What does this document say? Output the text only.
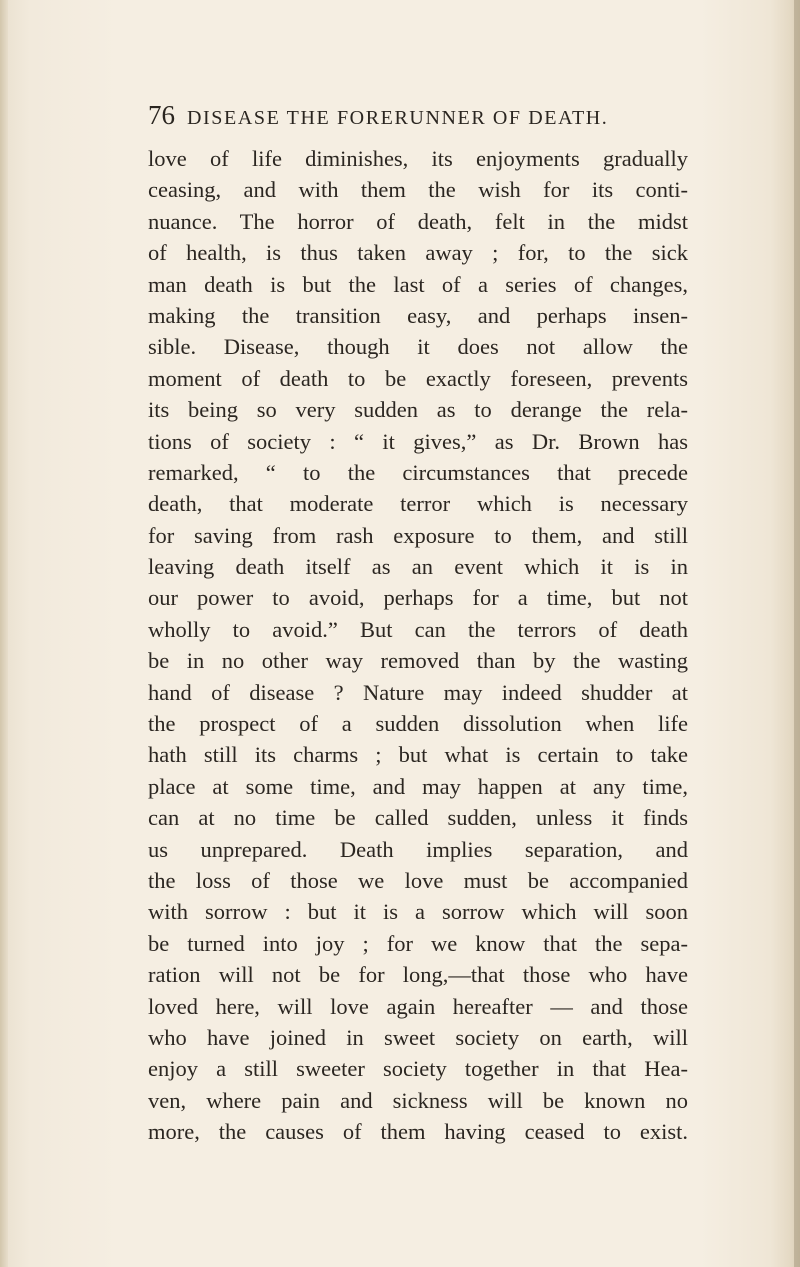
76 DISEASE THE FORERUNNER OF DEATH.
love of life diminishes, its enjoyments gradually
ceasing, and with them the wish for its conti-
nuance. The horror of death, felt in the midst
of health, is thus taken away ; for, to the sick
man death is but the last of a series of changes,
making the transition easy, and perhaps insen-
sible. Disease, though it does not allow the
moment of death to be exactly foreseen, prevents
its being so very sudden as to derange the rela-
tions of society : “ it gives,” as Dr. Brown has
remarked, “ to the circumstances that precede
death, that moderate terror which is necessary
for saving from rash exposure to them, and still
leaving death itself as an event which it is in
our power to avoid, perhaps for a time, but not
wholly to avoid.” But can the terrors of death
be in no other way removed than by the wasting
hand of disease ? Nature may indeed shudder at
the prospect of a sudden dissolution when life
hath still its charms ; but what is certain to take
place at some time, and may happen at any time,
can at no time be called sudden, unless it finds
us unprepared. Death implies separation, and
the loss of those we love must be accompanied
with sorrow : but it is a sorrow which will soon
be turned into joy ; for we know that the sepa-
ration will not be for long,—that those who have
loved here, will love again hereafter — and those
who have joined in sweet society on earth, will
enjoy a still sweeter society together in that Hea-
ven, where pain and sickness will be known no
more, the causes of them having ceased to exist.
